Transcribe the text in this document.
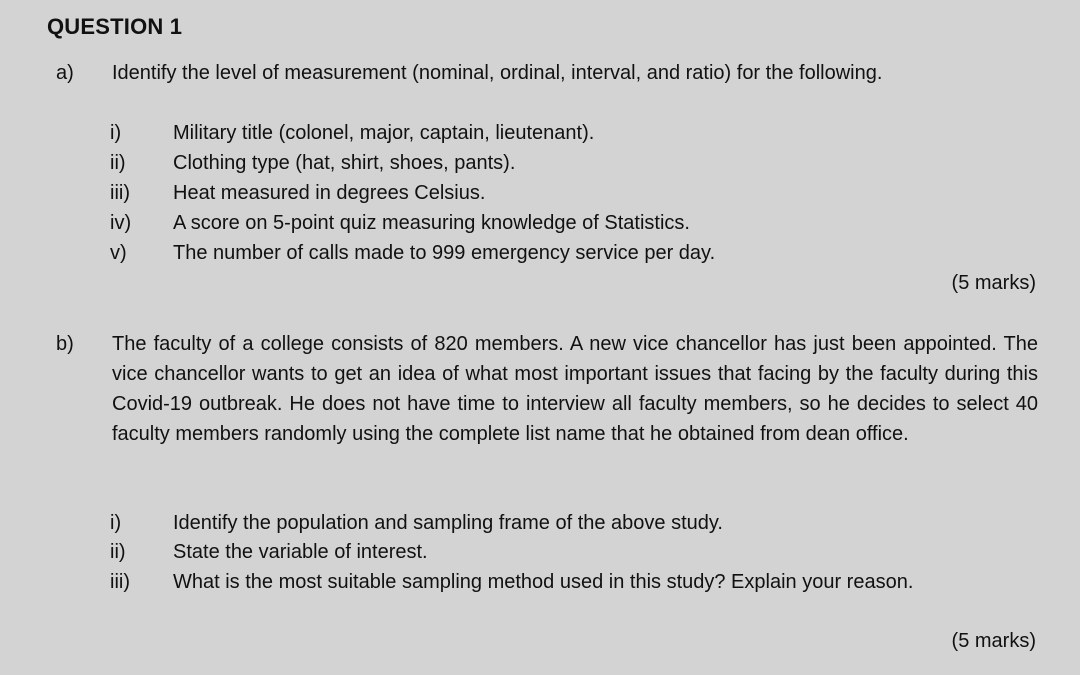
QUESTION 1
a) Identify the level of measurement (nominal, ordinal, interval, and ratio) for the following.
i)	Military title (colonel, major, captain, lieutenant).
ii)	Clothing type (hat, shirt, shoes, pants).
iii)	Heat measured in degrees Celsius.
iv)	A score on 5-point quiz measuring knowledge of Statistics.
v)	The number of calls made to 999 emergency service per day.
(5 marks)
b) The faculty of a college consists of 820 members. A new vice chancellor has just been appointed. The vice chancellor wants to get an idea of what most important issues that facing by the faculty during this Covid-19 outbreak. He does not have time to interview all faculty members, so he decides to select 40 faculty members randomly using the complete list name that he obtained from dean office.
i)	Identify the population and sampling frame of the above study.
ii)	State the variable of interest.
iii)	What is the most suitable sampling method used in this study? Explain your reason.
(5 marks)
